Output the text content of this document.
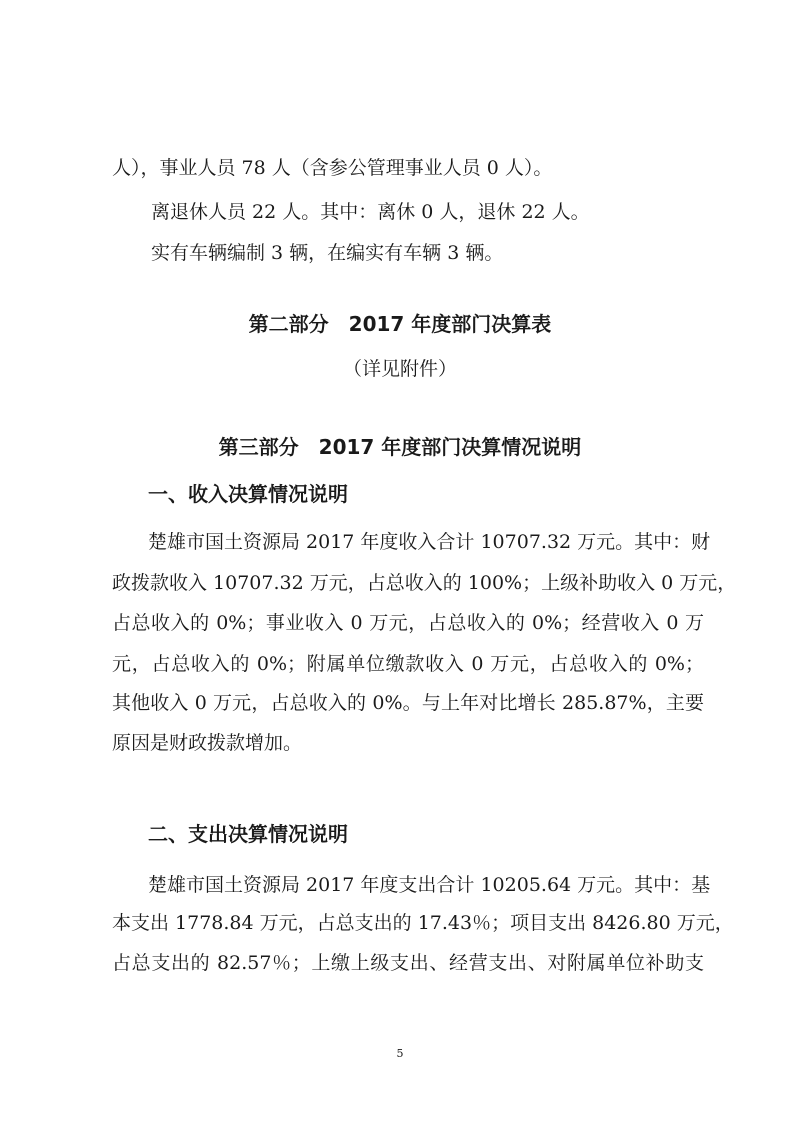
人），事业人员 78 人（含参公管理事业人员 0 人）。
离退休人员 22 人。其中：离休 0 人，退休 22 人。
实有车辆编制 3 辆，在编实有车辆 3 辆。
第二部分　2017 年度部门决算表
（详见附件）
第三部分　2017 年度部门决算情况说明
一、收入决算情况说明
楚雄市国土资源局 2017 年度收入合计 10707.32 万元。其中：财
政拨款收入 10707.32 万元，占总收入的 100%；上级补助收入 0 万元，
占总收入的 0%；事业收入 0 万元，占总收入的 0%；经营收入 0 万
元，占总收入的 0%；附属单位缴款收入 0 万元，占总收入的 0%；
其他收入 0 万元，占总收入的 0%。与上年对比增长 285.87%，主要
原因是财政拨款增加。
二、支出决算情况说明
楚雄市国土资源局 2017 年度支出合计 10205.64 万元。其中：基
本支出 1778.84 万元，占总支出的 17.43％；项目支出 8426.80 万元，
占总支出的 82.57％；上缴上级支出、经营支出、对附属单位补助支
5
